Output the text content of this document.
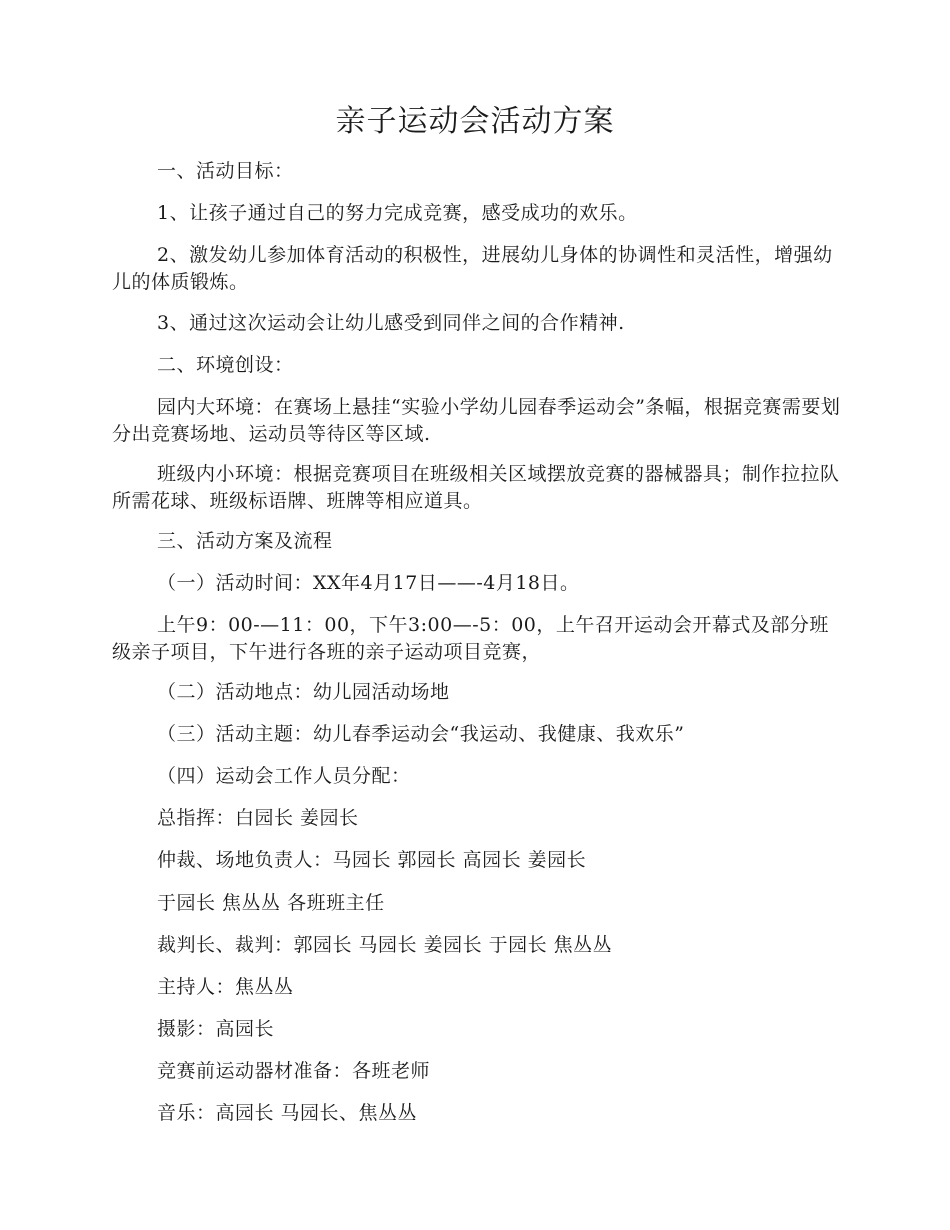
亲子运动会活动方案

一、活动目标：

1、让孩子通过自己的努力完成竞赛，感受成功的欢乐。

2、激发幼儿参加体育活动的积极性，进展幼儿身体的协调性和灵活性，增强幼儿的体质锻炼。

3、通过这次运动会让幼儿感受到同伴之间的合作精神.

二、环境创设：

园内大环境：在赛场上悬挂“实验小学幼儿园春季运动会”条幅，根据竞赛需要划分出竞赛场地、运动员等待区等区域.

班级内小环境：根据竞赛项目在班级相关区域摆放竞赛的器械器具；制作拉拉队所需花球、班级标语牌、班牌等相应道具。

三、活动方案及流程

（一）活动时间：XX年4月17日——-4月18日。

上午9：00-—11：00，下午3:00—-5：00，上午召开运动会开幕式及部分班级亲子项目，下午进行各班的亲子运动项目竞赛，

（二）活动地点：幼儿园活动场地

（三）活动主题：幼儿春季运动会“我运动、我健康、我欢乐”

（四）运动会工作人员分配：

总指挥：白园长 姜园长

仲裁、场地负责人：马园长 郭园长 高园长 姜园长

于园长 焦丛丛 各班班主任

裁判长、裁判：郭园长 马园长 姜园长 于园长 焦丛丛

主持人：焦丛丛

摄影：高园长

竞赛前运动器材准备：各班老师

音乐：高园长 马园长、焦丛丛
